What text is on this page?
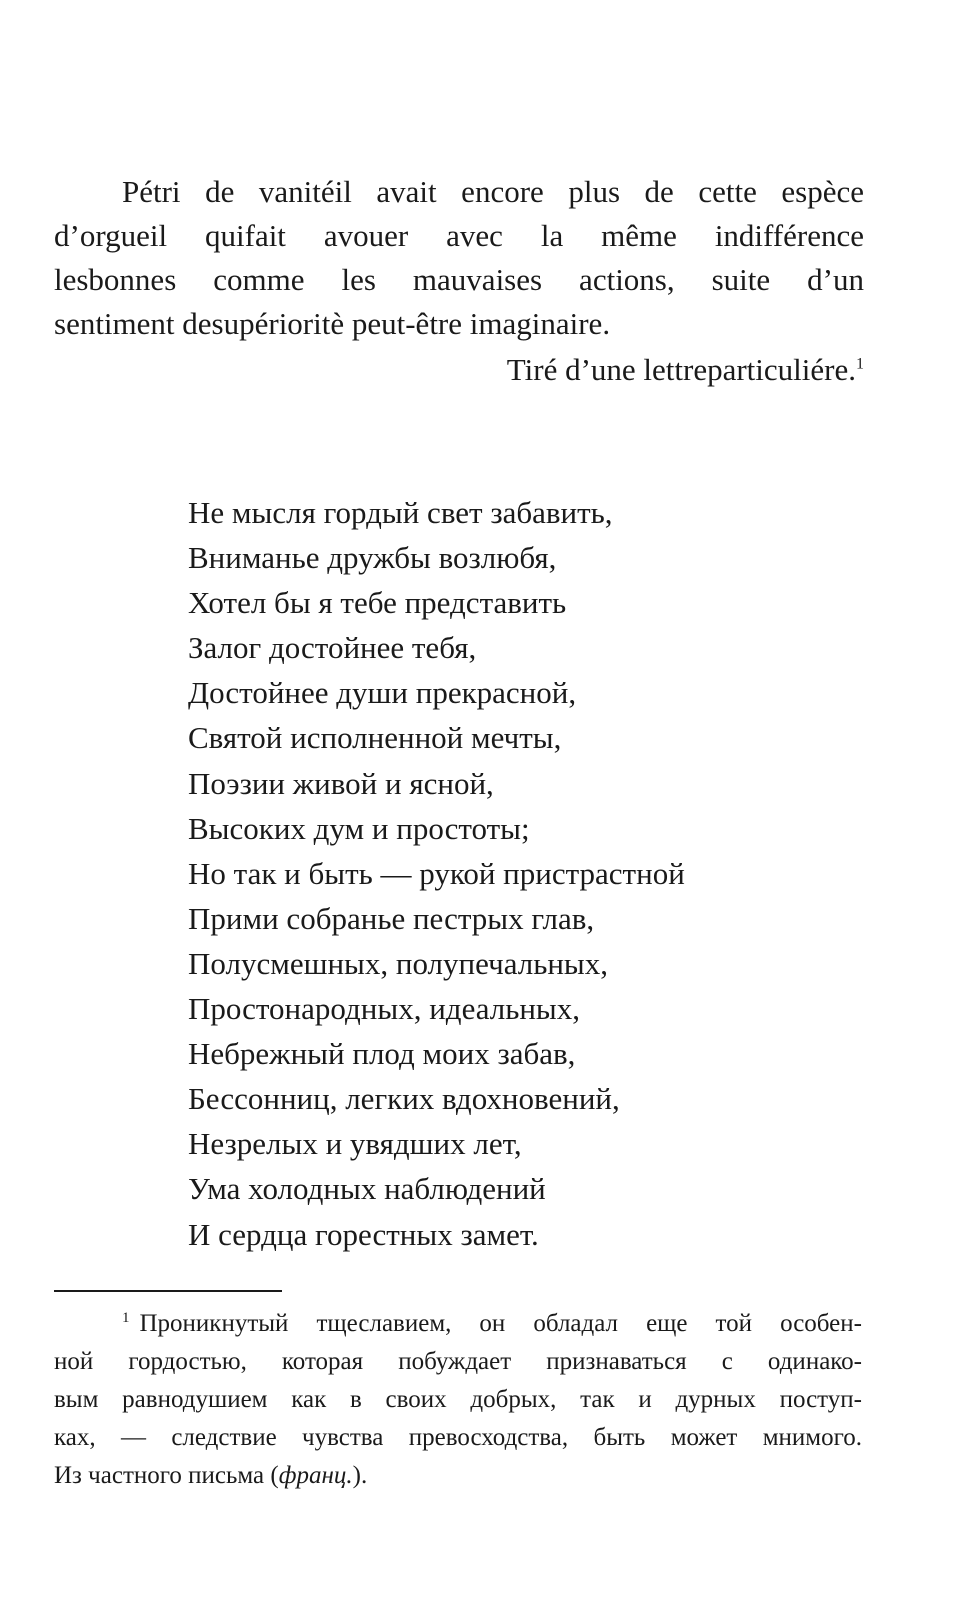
Pétri de vanitéil avait encore plus de cette espèce
d’orgueil quifait avouer avec la même indifférence
lesbonnes comme les mauvaises actions, suite d’un
sentiment desupérioritè peut-être imaginaire.
Tiré d’une lettreparticuliére.$^1$
Не мысля гордый свет забавить,
Вниманье дружбы возлюбя,
Хотел бы я тебе представить
Залог достойнее тебя,
Достойнее души прекрасной,
Святой исполненной мечты,
Поэзии живой и ясной,
Высоких дум и простоты;
Но так и быть — рукой пристрастной
Прими собранье пестрых глав,
Полусмешных, полупечальных,
Простонародных, идеальных,
Небрежный плод моих забав,
Бессонниц, легких вдохновений,
Незрелых и увядших лет,
Ума холодных наблюдений
И сердца горестных замет.
$^1$ Проникнутый тщеславием, он обладал еще той особен-
ной гордостью, которая побуждает признаваться с одинако-
вым равнодушием как в своих добрых, так и дурных поступ-
ках, — следствие чувства превосходства, быть может мнимого.
Из частного письма (франц.).
